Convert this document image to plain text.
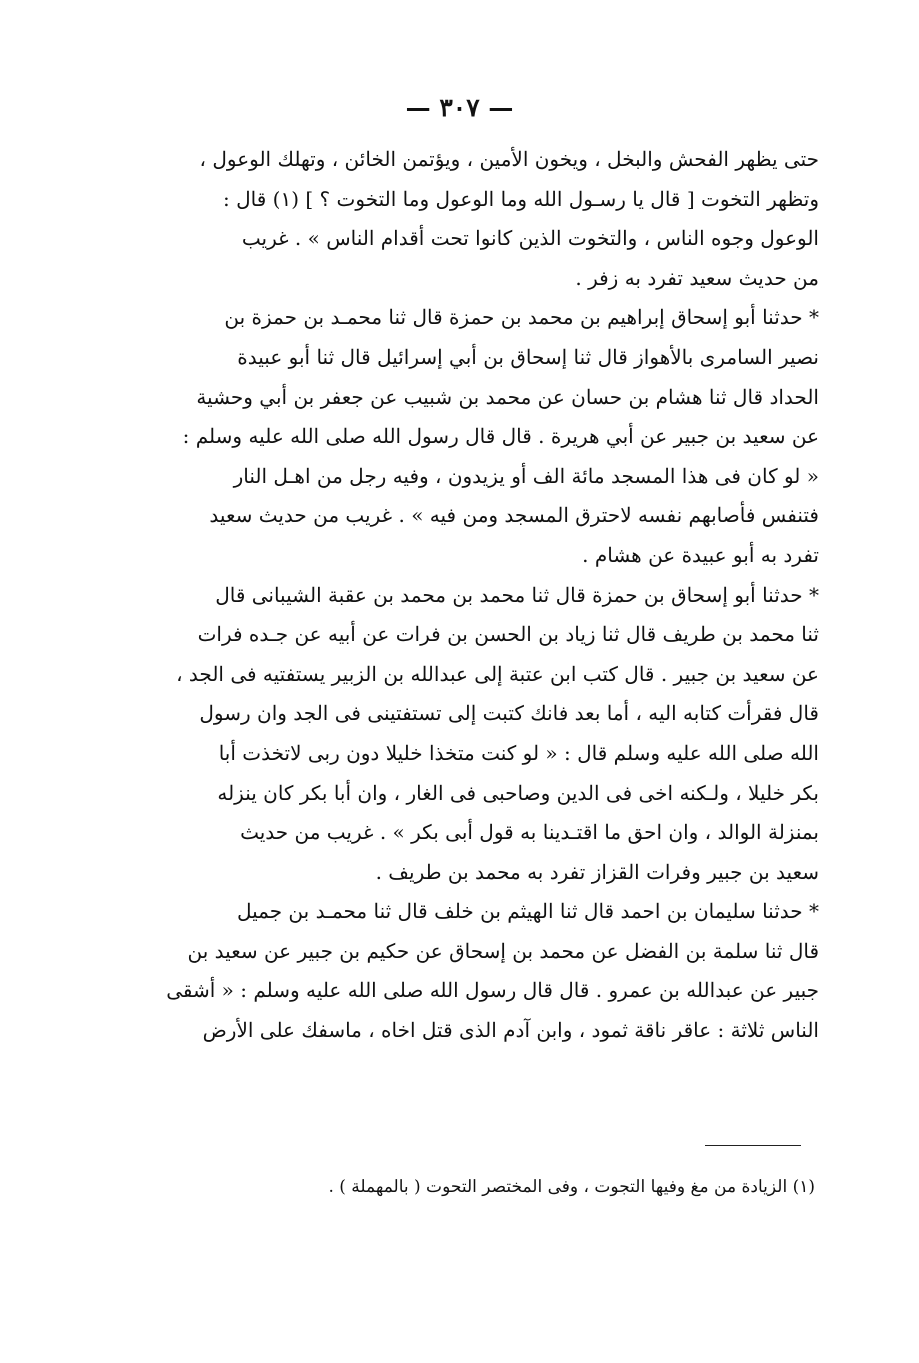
— ٣٠٧ —
حتى يظهر الفحش والبخل ، ويخون الأمين ، ويؤتمن الخائن ، وتهلك الوعول ،
وتظهر التخوت [ قال يا رسـول الله وما الوعول وما التخوت ؟ ] (١) قال :
الوعول وجوه الناس ، والتخوت الذين كانوا تحت أقدام الناس » . غريب
من حديث سعيد تفرد به زفر .
* حدثنا أبو إسحاق إبراهيم بن محمد بن حمزة قال ثنا محمـد بن حمزة بن
نصير السامرى بالأهواز قال ثنا إسحاق بن أبي إسرائيل قال ثنا أبو عبيدة
الحداد قال ثنا هشام بن حسان عن محمد بن شبيب عن جعفر بن أبي وحشية
عن سعيد بن جبير عن أبي هريرة . قال قال رسول الله صلى الله عليه وسلم :
« لو كان فى هذا المسجد مائة الف أو يزيدون ، وفيه رجل من اهـل النار
فتنفس فأصابهم نفسه لاحترق المسجد ومن فيه » . غريب من حديث سعيد
تفرد به أبو عبيدة عن هشام .
* حدثنا أبو إسحاق بن حمزة قال ثنا محمد بن محمد بن عقبة الشيبانى قال
ثنا محمد بن طريف قال ثنا زياد بن الحسن بن فرات عن أبيه عن جـده فرات
عن سعيد بن جبير . قال كتب ابن عتبة إلى عبدالله بن الزبير يستفتيه فى الجد ،
قال فقرأت كتابه اليه ، أما بعد فانك كتبت إلى تستفتينى فى الجد وان رسول
الله صلى الله عليه وسلم قال : « لو كنت متخذا خليلا دون ربى لاتخذت أبا
بكر خليلا ، ولـكنه اخى فى الدين وصاحبى فى الغار ، وان أبا بكر كان ينزله
بمنزلة الوالد ، وان احق ما اقتـدينا به قول أبى بكر » . غريب من حديث
سعيد بن جبير وفرات القزاز تفرد به محمد بن طريف .
* حدثنا سليمان بن احمد قال ثنا الهيثم بن خلف قال ثنا محمـد بن جميل
قال ثنا سلمة بن الفضل عن محمد بن إسحاق عن حكيم بن جبير عن سعيد بن
جبير عن عبدالله بن عمرو . قال قال رسول الله صلى الله عليه وسلم : « أشقى
الناس ثلاثة : عاقر ناقة ثمود ، وابن آدم الذى قتل اخاه ، ماسفك على الأرض
(١) الزيادة من مغ وفيها التجوت ، وفى المختصر التحوت ( بالمهملة ) .
